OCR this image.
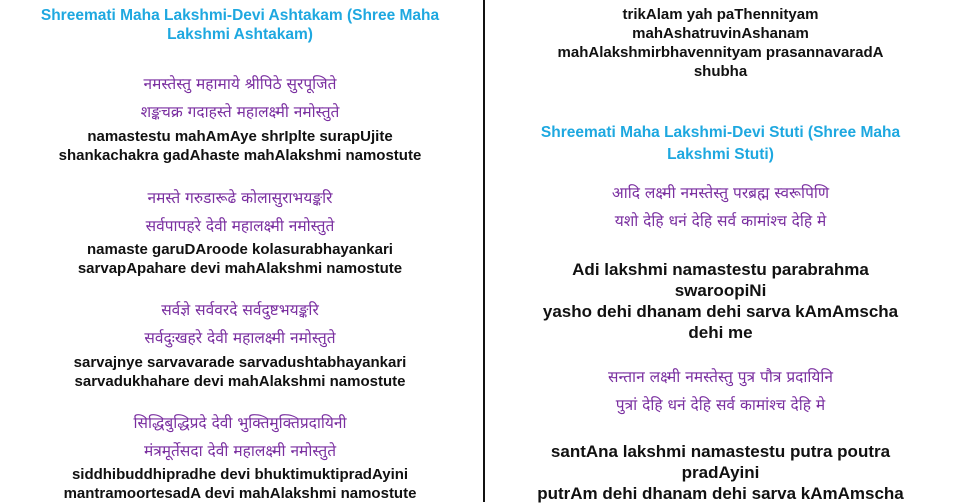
Shreemati Maha Lakshmi-Devi Ashtakam (Shree Maha Lakshmi Ashtakam)
नमस्तेस्तु महामाये श्रीपिठे सुरपूजिते
शङ्कचक्र गदाहस्ते महालक्ष्मी नमोस्तुते
namastestu mahAmAye shrIplte surapUjite
shankachakra gadAhaste mahAlakshmi namostute
नमस्ते गरुडारूढे कोलासुराभयङ्करि
सर्वपापहरे देवी महालक्ष्मी नमोस्तुते
namaste garuDAroode kolasurabhayankari
sarvapApahare devi mahAlakshmi namostute
सर्वज्ञे सर्ववरदे सर्वदुष्टभयङ्करि
सर्वदुःखहरे देवी महालक्ष्मी नमोस्तुते
sarvajnye sarvavarade sarvadushtabhayankari
sarvadukhahare devi mahAlakshmi namostute
सिद्धिबुद्धिप्रदे देवी भुक्तिमुक्तिप्रदायिनी
मंत्रमूर्तेसदा देवी महालक्ष्मी नमोस्तुते
siddhibuddhipradhe devi bhuktimuktipradAyini
mantramoortesadA devi mahAlakshmi namostute
trikAlam yah paThennityam
mahAshatruvinAshanam
mahAlakshmirbhavennityam prasannavaradA
shubha
Shreemati Maha Lakshmi-Devi Stuti (Shree Maha Lakshmi Stuti)
आदि लक्ष्मी नमस्तेस्तु परब्रह्म स्वरूपिणि
यशो देहि धनं देहि सर्व कामांश्च देहि मे
Adi lakshmi namastestu parabrahma
swaroopiNi
yasho dehi dhanam dehi sarva kAmAmscha
dehi me
सन्तान लक्ष्मी नमस्तेस्तु पुत्र पौत्र प्रदायिनि
पुत्रां देहि धनं देहि सर्व कामांश्च देहि मे
santAna lakshmi namastestu putra poutra
pradAyini
putrAm dehi dhanam dehi sarva kAmAmscha
